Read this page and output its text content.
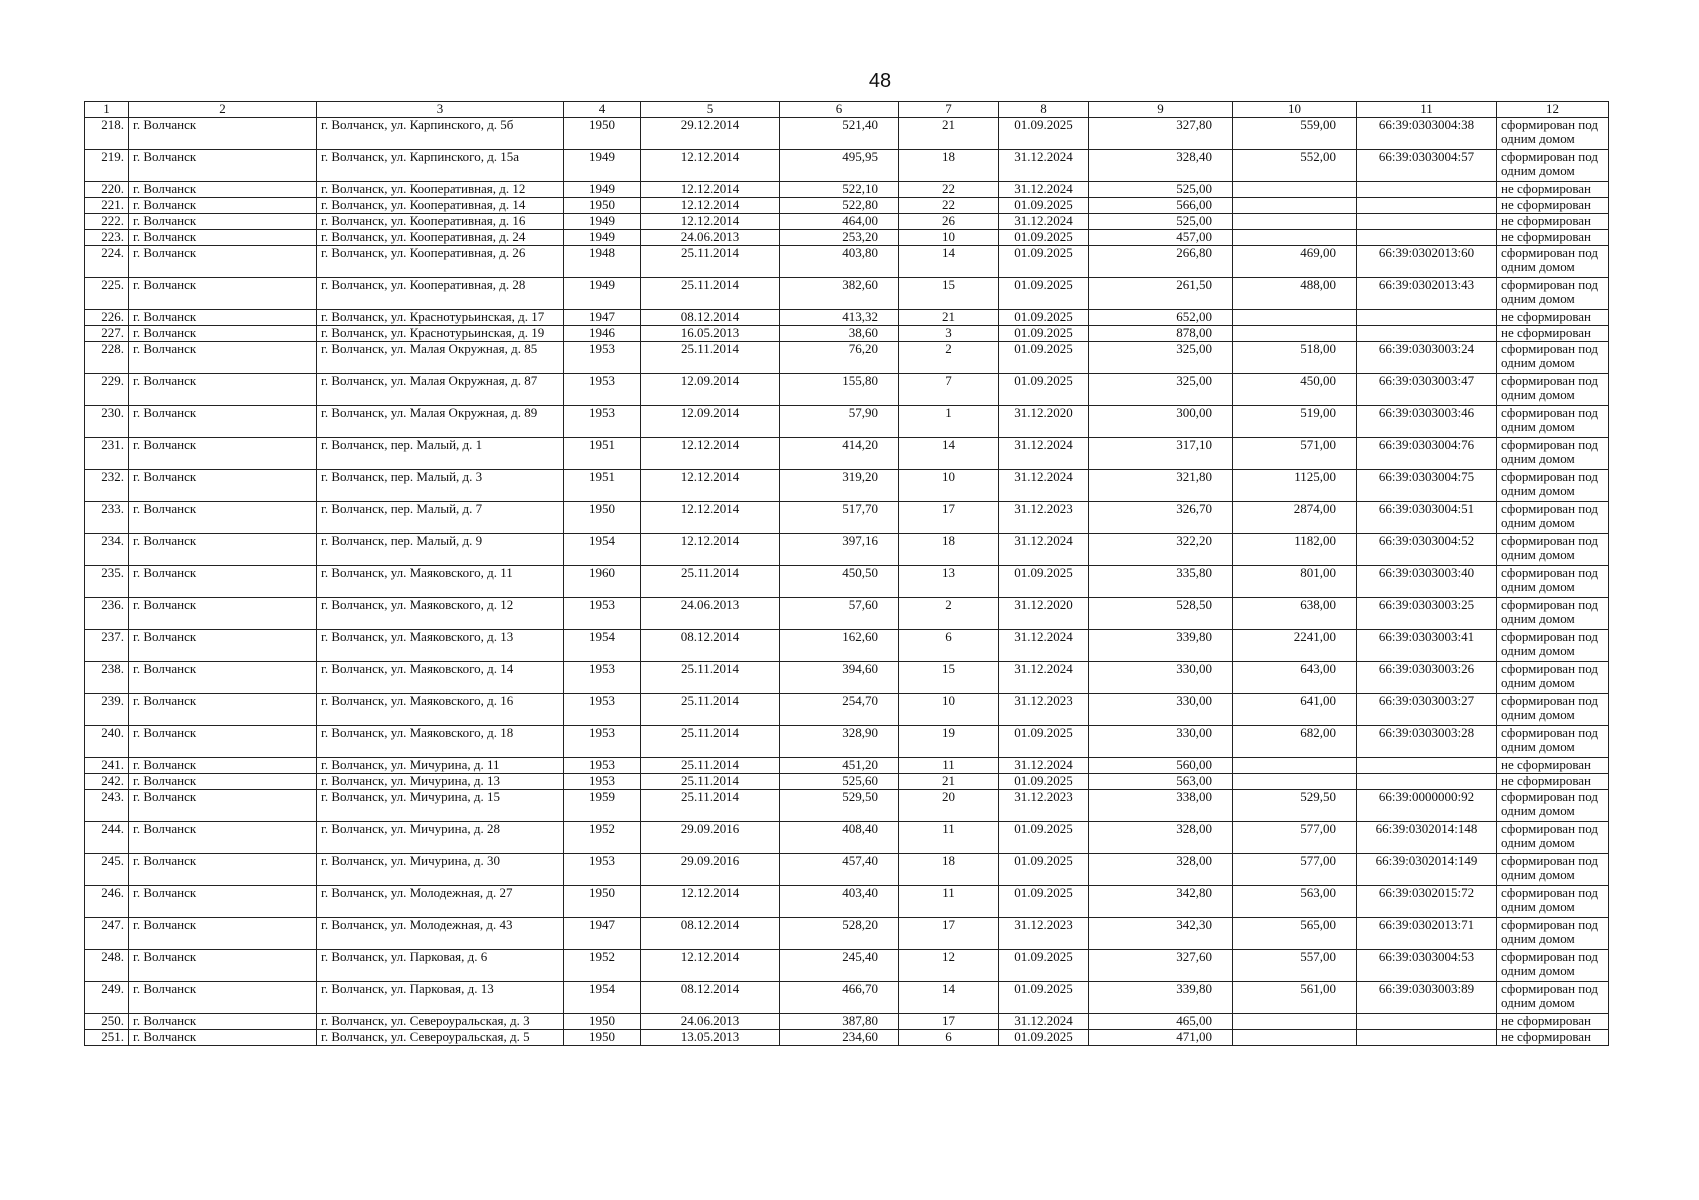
48
1	2	3	4	5	6	7	8	9	10	11	12
218.	г. Волчанск	г. Волчанск, ул. Карпинского, д. 5б	1950	29.12.2014	521,40	21	01.09.2025	327,80	559,00	66:39:0303004:38	сформирован под одним домом
219.	г. Волчанск	г. Волчанск, ул. Карпинского, д. 15а	1949	12.12.2014	495,95	18	31.12.2024	328,40	552,00	66:39:0303004:57	сформирован под одним домом
220.	г. Волчанск	г. Волчанск, ул. Кооперативная, д. 12	1949	12.12.2014	522,10	22	31.12.2024	525,00			не сформирован
221.	г. Волчанск	г. Волчанск, ул. Кооперативная, д. 14	1950	12.12.2014	522,80	22	01.09.2025	566,00			не сформирован
222.	г. Волчанск	г. Волчанск, ул. Кооперативная, д. 16	1949	12.12.2014	464,00	26	31.12.2024	525,00			не сформирован
223.	г. Волчанск	г. Волчанск, ул. Кооперативная, д. 24	1949	24.06.2013	253,20	10	01.09.2025	457,00			не сформирован
224.	г. Волчанск	г. Волчанск, ул. Кооперативная, д. 26	1948	25.11.2014	403,80	14	01.09.2025	266,80	469,00	66:39:0302013:60	сформирован под одним домом
225.	г. Волчанск	г. Волчанск, ул. Кооперативная, д. 28	1949	25.11.2014	382,60	15	01.09.2025	261,50	488,00	66:39:0302013:43	сформирован под одним домом
226.	г. Волчанск	г. Волчанск, ул. Краснотурьинская, д. 17	1947	08.12.2014	413,32	21	01.09.2025	652,00			не сформирован
227.	г. Волчанск	г. Волчанск, ул. Краснотурьинская, д. 19	1946	16.05.2013	38,60	3	01.09.2025	878,00			не сформирован
228.	г. Волчанск	г. Волчанск, ул. Малая Окружная, д. 85	1953	25.11.2014	76,20	2	01.09.2025	325,00	518,00	66:39:0303003:24	сформирован под одним домом
229.	г. Волчанск	г. Волчанск, ул. Малая Окружная, д. 87	1953	12.09.2014	155,80	7	01.09.2025	325,00	450,00	66:39:0303003:47	сформирован под одним домом
230.	г. Волчанск	г. Волчанск, ул. Малая Окружная, д. 89	1953	12.09.2014	57,90	1	31.12.2020	300,00	519,00	66:39:0303003:46	сформирован под одним домом
231.	г. Волчанск	г. Волчанск, пер. Малый, д. 1	1951	12.12.2014	414,20	14	31.12.2024	317,10	571,00	66:39:0303004:76	сформирован под одним домом
232.	г. Волчанск	г. Волчанск, пер. Малый, д. 3	1951	12.12.2014	319,20	10	31.12.2024	321,80	1125,00	66:39:0303004:75	сформирован под одним домом
233.	г. Волчанск	г. Волчанск, пер. Малый, д. 7	1950	12.12.2014	517,70	17	31.12.2023	326,70	2874,00	66:39:0303004:51	сформирован под одним домом
234.	г. Волчанск	г. Волчанск, пер. Малый, д. 9	1954	12.12.2014	397,16	18	31.12.2024	322,20	1182,00	66:39:0303004:52	сформирован под одним домом
235.	г. Волчанск	г. Волчанск, ул. Маяковского, д. 11	1960	25.11.2014	450,50	13	01.09.2025	335,80	801,00	66:39:0303003:40	сформирован под одним домом
236.	г. Волчанск	г. Волчанск, ул. Маяковского, д. 12	1953	24.06.2013	57,60	2	31.12.2020	528,50	638,00	66:39:0303003:25	сформирован под одним домом
237.	г. Волчанск	г. Волчанск, ул. Маяковского, д. 13	1954	08.12.2014	162,60	6	31.12.2024	339,80	2241,00	66:39:0303003:41	сформирован под одним домом
238.	г. Волчанск	г. Волчанск, ул. Маяковского, д. 14	1953	25.11.2014	394,60	15	31.12.2024	330,00	643,00	66:39:0303003:26	сформирован под одним домом
239.	г. Волчанск	г. Волчанск, ул. Маяковского, д. 16	1953	25.11.2014	254,70	10	31.12.2023	330,00	641,00	66:39:0303003:27	сформирован под одним домом
240.	г. Волчанск	г. Волчанск, ул. Маяковского, д. 18	1953	25.11.2014	328,90	19	01.09.2025	330,00	682,00	66:39:0303003:28	сформирован под одним домом
241.	г. Волчанск	г. Волчанск, ул. Мичурина, д. 11	1953	25.11.2014	451,20	11	31.12.2024	560,00			не сформирован
242.	г. Волчанск	г. Волчанск, ул. Мичурина, д. 13	1953	25.11.2014	525,60	21	01.09.2025	563,00			не сформирован
243.	г. Волчанск	г. Волчанск, ул. Мичурина, д. 15	1959	25.11.2014	529,50	20	31.12.2023	338,00	529,50	66:39:0000000:92	сформирован под одним домом
244.	г. Волчанск	г. Волчанск, ул. Мичурина, д. 28	1952	29.09.2016	408,40	11	01.09.2025	328,00	577,00	66:39:0302014:148	сформирован под одним домом
245.	г. Волчанск	г. Волчанск, ул. Мичурина, д. 30	1953	29.09.2016	457,40	18	01.09.2025	328,00	577,00	66:39:0302014:149	сформирован под одним домом
246.	г. Волчанск	г. Волчанск, ул. Молодежная, д. 27	1950	12.12.2014	403,40	11	01.09.2025	342,80	563,00	66:39:0302015:72	сформирован под одним домом
247.	г. Волчанск	г. Волчанск, ул. Молодежная, д. 43	1947	08.12.2014	528,20	17	31.12.2023	342,30	565,00	66:39:0302013:71	сформирован под одним домом
248.	г. Волчанск	г. Волчанск, ул. Парковая, д. 6	1952	12.12.2014	245,40	12	01.09.2025	327,60	557,00	66:39:0303004:53	сформирован под одним домом
249.	г. Волчанск	г. Волчанск, ул. Парковая, д. 13	1954	08.12.2014	466,70	14	01.09.2025	339,80	561,00	66:39:0303003:89	сформирован под одним домом
250.	г. Волчанск	г. Волчанск, ул. Североуральская, д. 3	1950	24.06.2013	387,80	17	31.12.2024	465,00			не сформирован
251.	г. Волчанск	г. Волчанск, ул. Североуральская, д. 5	1950	13.05.2013	234,60	6	01.09.2025	471,00			не сформирован
